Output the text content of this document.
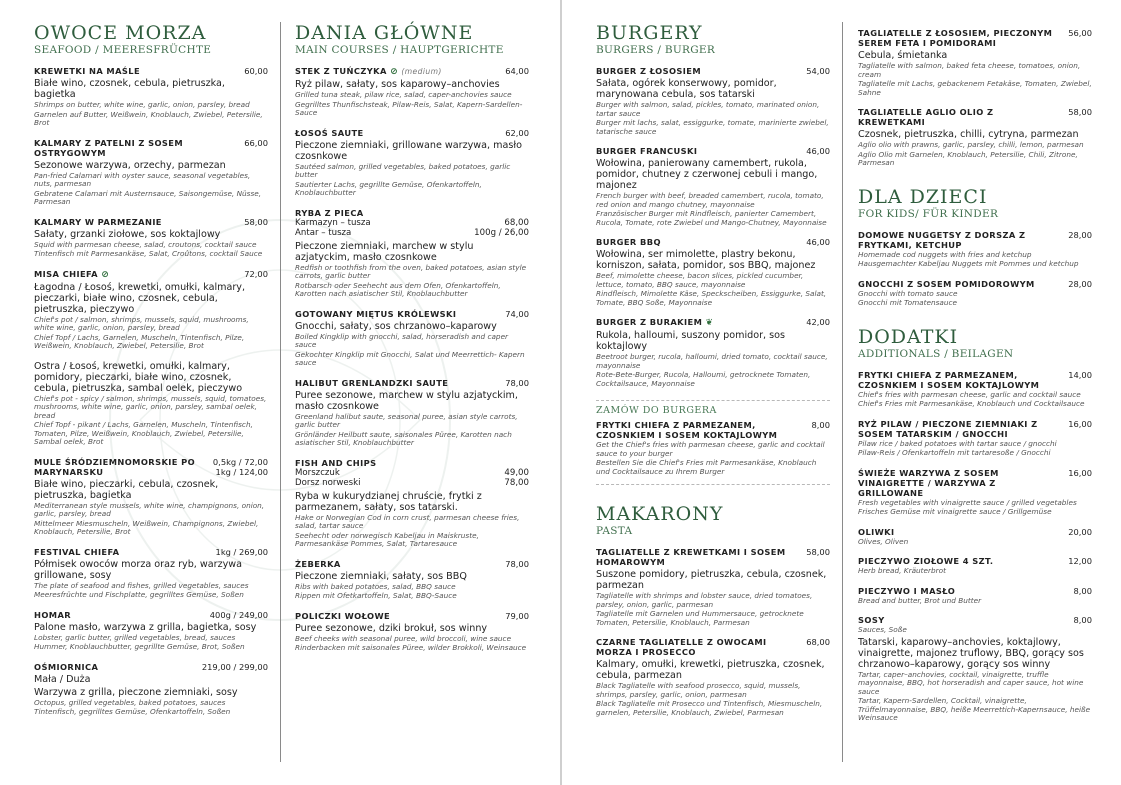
OWOCE MORZA
SEAFOOD / MEERESFRÜCHTE
KREWETKI NA MAŚLE	60,00
Białe wino, czosnek, cebula, pietruszka, bagietka
Shrimps on butter, white wine, garlic, onion, parsley, bread
Garnelen auf Butter, Weißwein, Knoblauch, Zwiebel, Petersilie, Brot
KALMARY Z PATELNI Z SOSEM OSTRYGOWYM
66,00
Sezonowe warzywa, orzechy, parmezan
Pan-fried Calamari with oyster sauce, seasonal vegetables, nuts, parmesan
Gebratene Calamari mit Austernsauce, Saisongemüse, Nüsse, Parmesan
KALMARY W PARMEZANIE	58,00
Sałaty, grzanki ziołowe, sos koktajlowy
Squid with parmesan cheese, salad, croutons, cocktail sauce
Tintenfisch mit Parmesankäse, Salat, Croûtons, cocktail Sauce
MISA CHIEFA ⊘	72,00
Łagodna / Łosoś, krewetki, omułki, kalmary, pieczarki, białe wino, czosnek, cebula, pietruszka, pieczywo
Chief's pot / salmon, shrimps, mussels, squid, mushrooms, white wine, garlic, onion, parsley, bread
Chief Topf / Lachs, Garnelen, Muscheln, Tintenfisch, Pilze, Weißwein, Knoblauch, Zwiebel, Petersilie, Brot
Ostra / Łosoś, krewetki, omułki, kalmary, pomidory, pieczarki, białe wino, czosnek, cebula, pietruszka, sambal oelek, pieczywo
Chief's pot - spicy / salmon, shrimps, mussels, squid, tomatoes, mushrooms, white wine, garlic, onion, parsley, sambal oelek, bread
Chief Topf - pikant / Lachs, Garnelen, Muscheln, Tintenfisch, Tomaten, Pilze, Weißwein, Knoblauch, Zwiebel, Petersilie, Sambal oelek, Brot
MULE ŚRÓDZIEMNOMORSKIE PO MARYNARSKU
0,5kg / 72,00
1kg / 124,00
Białe wino, pieczarki, cebula, czosnek, pietruszka, bagietka
Mediterranean style mussels, white wine, champignons, onion, garlic, parsley, bread
Mittelmeer Miesmuscheln, Weißwein, Champignons, Zwiebel, Knoblauch, Petersilie, Brot
FESTIVAL CHIEFA	1kg / 269,00
Półmisek owoców morza oraz ryb, warzywa grillowane, sosy
The plate of seafood and fishes, grilled vegetables, sauces
Meeresfrüchte und Fischplatte, gegrilltes Gemüse, Soßen
HOMAR	400g / 249,00
Palone masło, warzywa z grilla, bagietka, sosy
Lobster, garlic butter, grilled vegetables, bread, sauces
Hummer, Knoblauchbutter, gegrillte Gemüse, Brot, Soßen
OŚMIORNICA	219,00 / 299,00
Mała / Duża
Warzywa z grilla, pieczone ziemniaki, sosy
Octopus, grilled vegetables, baked potatoes, sauces
Tintenfisch, gegrilltes Gemüse, Ofenkartoffeln, Soßen
DANIA GŁÓWNE
MAIN COURSES / HAUPTGERICHTE
STEK Z TUŃCZYKA ⊘ (medium)	64,00
Ryż pilaw, sałaty, sos kaparowy–anchovies
Grilled tuna steak, pilaw rice, salad, caper-anchovies sauce
Gegrilltes Thunfischsteak, Pilaw-Reis, Salat, Kapern-Sardellen-Sauce
ŁOSOŚ SAUTE	62,00
Pieczone ziemniaki, grillowane warzywa, masło czosnkowe
Sautéed salmon, grilled vegetables, baked potatoes, garlic butter
Sautierter Lachs, gegrillte Gemüse, Ofenkartoffeln, Knoblauchbutter
RYBA Z PIECA
Karmazyn – tusza	68,00
Antar – tusza	100g / 26,00
Pieczone ziemniaki, marchew w stylu azjatyckim, masło czosnkowe
Redfish or toothfish from the oven, baked potatoes, asian style carrots, garlic butter
Rotbarsch oder Seehecht aus dem Ofen, Ofenkartoffeln, Karotten nach asiatischer Stil, Knoblauchbutter
GOTOWANY MIĘTUS KRÓLEWSKI	74,00
Gnocchi, sałaty, sos chrzanowo–kaparowy
Boiled Kingklip with gnocchi, salad, horseradish and caper sauce
Gekochter Kingklip mit Gnocchi, Salat und Meerrettich- Kapern sauce
HALIBUT GRENLANDZKI SAUTE	78,00
Puree sezonowe, marchew w stylu azjatyckim, masło czosnkowe
Greenland halibut saute, seasonal puree, asian style carrots, garlic butter
Grönländer Heilbutt saute, saisonales Püree, Karotten nach asiatischer Stil, Knoblauchbutter
FISH AND CHIPS
Morszczuk	49,00
Dorsz norweski	78,00
Ryba w kukurydzianej chruście, frytki z parmezanem, sałaty, sos tatarski.
Hake or Norwegian Cod in corn crust, parmesan cheese fries, salad, tartar sauce
Seehecht oder norwegisch Kabeljau in Maiskruste, Parmesankäse Pommes, Salat, Tartaresauce
ŻEBERKA	78,00
Pieczone ziemniaki, sałaty, sos BBQ
Ribs with baked potatoes, salad, BBQ sauce
Rippen mit Ofetkartoffeln, Salat, BBQ-Sauce
POLICZKI WOŁOWE	79,00
Puree sezonowe, dziki brokuł, sos winny
Beef cheeks with seasonal puree, wild broccoli, wine sauce
Rinderbacken mit saisonales Püree, wilder Brokkoli, Weinsauce
BURGERY
BURGERS / BURGER
BURGER Z ŁOSOSIEM	54,00
Sałata, ogórek konserwowy, pomidor, marynowana cebula, sos tatarski
Burger with salmon, salad, pickles, tomato, marinated onion, tartar sauce
Burger mit lachs, salat, essiggurke, tomate, marinierte zwiebel, tatarische sauce
BURGER FRANCUSKI	46,00
Wołowina, panierowany camembert, rukola, pomidor, chutney z czerwonej cebuli i mango, majonez
French burger with beef, breaded camembert, rucola, tomato, red onion and mango chutney, mayonnaise
Französischer Burger mit Rindfleisch, panierter Camembert, Rucola, Tomate, rote Zwiebel und Mango-Chutney, Mayonnaise
BURGER BBQ	46,00
Wołowina, ser mimolette, plastry bekonu, korniszon, sałata, pomidor, sos BBQ, majonez
Beef, mimolette cheese, bacon slices, pickled cucumber, lettuce, tomato, BBQ sauce, mayonnaise
Rindfleisch, Mimolette Käse, Speckscheiben, Essiggurke, Salat, Tomate, BBQ Soße, Mayonnaise
BURGER Z BURAKIEM ❦	42,00
Rukola, halloumi, suszony pomidor, sos koktajlowy
Beetroot burger, rucola, halloumi, dried tomato, cocktail sauce, mayonnaise
Rote-Bete-Burger, Rucola, Halloumi, getrocknete Tomaten, Cocktailsauce, Mayonnaise
ZAMÓW DO BURGERA
FRYTKI CHIEFA Z PARMEZANEM, CZOSNKIEM I SOSEM KOKTAJLOWYM
8,00
Get the Chief's fries with parmesan cheese, garlic and cocktail sauce to your burger
Bestellen Sie die Chief's Fries mit Parmesankäse, Knoblauch und Cocktailsauce zu Ihrem Burger
MAKARONY
PASTA
TAGLIATELLE Z KREWETKAMI I SOSEM HOMAROWYM
58,00
Suszone pomidory, pietruszka, cebula, czosnek, parmezan
Tagliatelle with shrimps and lobster sauce, dried tomatoes, parsley, onion, garlic, parmesan
Tagliatelle mit Garnelen und Hummersauce, getrocknete Tomaten, Petersilie, Knoblauch, Parmesan
CZARNE TAGLIATELLE Z OWOCAMI MORZA I PROSECCO
68,00
Kalmary, omułki, krewetki, pietruszka, czosnek, cebula, parmezan
Black Tagliatelle with seafood prosecco, squid, mussels, shrimps, parsley, garlic, onion, parmesan
Black Tagliatelle mit Prosecco und Tintenfisch, Miesmuscheln, garnelen, Petersilie, Knoblauch, Zwiebel, Parmesan
TAGLIATELLE Z ŁOSOSIEM, PIECZONYM SEREM FETA I POMIDORAMI
56,00
Cebula, śmietanka
Tagliatelle with salmon, baked feta cheese, tomatoes, onion, cream
Tagliatelle mit Lachs, gebackenem Fetakäse, Tomaten, Zwiebel, Sahne
TAGLIATELLE AGLIO OLIO Z KREWETKAMI
58,00
Czosnek, pietruszka, chilli, cytryna, parmezan
Aglio olio with prawns, garlic, parsley, chilli, lemon, parmesan
Aglio Olio mit Garnelen, Knoblauch, Petersilie, Chili, Zitrone, Parmesan
DLA DZIECI
FOR KIDS/ FÜR KINDER
DOMOWE NUGGETSY Z DORSZA Z FRYTKAMI, KETCHUP
28,00
Homemade cod nuggets with fries and ketchup
Hausgemachter Kabeljau Nuggets mit Pommes und ketchup
GNOCCHI Z SOSEM POMIDOROWYM	28,00
Gnocchi with tomato sauce
Gnocchi mit Tomatensauce
DODATKI
ADDITIONALS / BEILAGEN
FRYTKI CHIEFA Z PARMEZANEM, CZOSNKIEM I SOSEM KOKTAJLOWYM
14,00
Chief's fries with parmesan cheese, garlic and cocktail sauce
Chief's Fries mit Parmesankäse, Knoblauch und Cocktailsauce
RYŻ PILAW / PIECZONE ZIEMNIAKI Z SOSEM TATARSKIM / GNOCCHI
16,00
Pilaw rice / baked potatoes with tartar sauce / gnocchi
Pilaw-Reis / Ofenkartoffeln mit tartaresoße / Gnocchi
ŚWIEŻE WARZYWA Z SOSEM VINAIGRETTE / WARZYWA Z GRILLOWANE
16,00
Fresh vegetables with vinaigrette sauce / grilled vegetables
Frisches Gemüse mit vinaigrette sauce / Grillgemüse
OLIWKI	20,00
Olives, Oliven
PIECZYWO ZIOŁOWE 4 SZT.	12,00
Herb bread, Kräuterbrot
PIECZYWO I MASŁO	8,00
Bread and butter, Brot und Butter
SOSY	8,00
Sauces, Soße
Tatarski, kaparowy–anchovies, koktajlowy, vinaigrette, majonez truflowy, BBQ, gorący sos chrzanowo–kaparowy, gorący sos winny
Tartar, caper–anchovies, cocktail, vinaigrette, truffle mayonnaise, BBQ, hot horseradish and caper sauce, hot wine sauce
Tartar, Kapern-Sardellen, Cocktail, vinaigrette, Trüffelmayonnaise, BBQ, heiße Meerrettich-Kapernsauce, heiße Weinsauce
